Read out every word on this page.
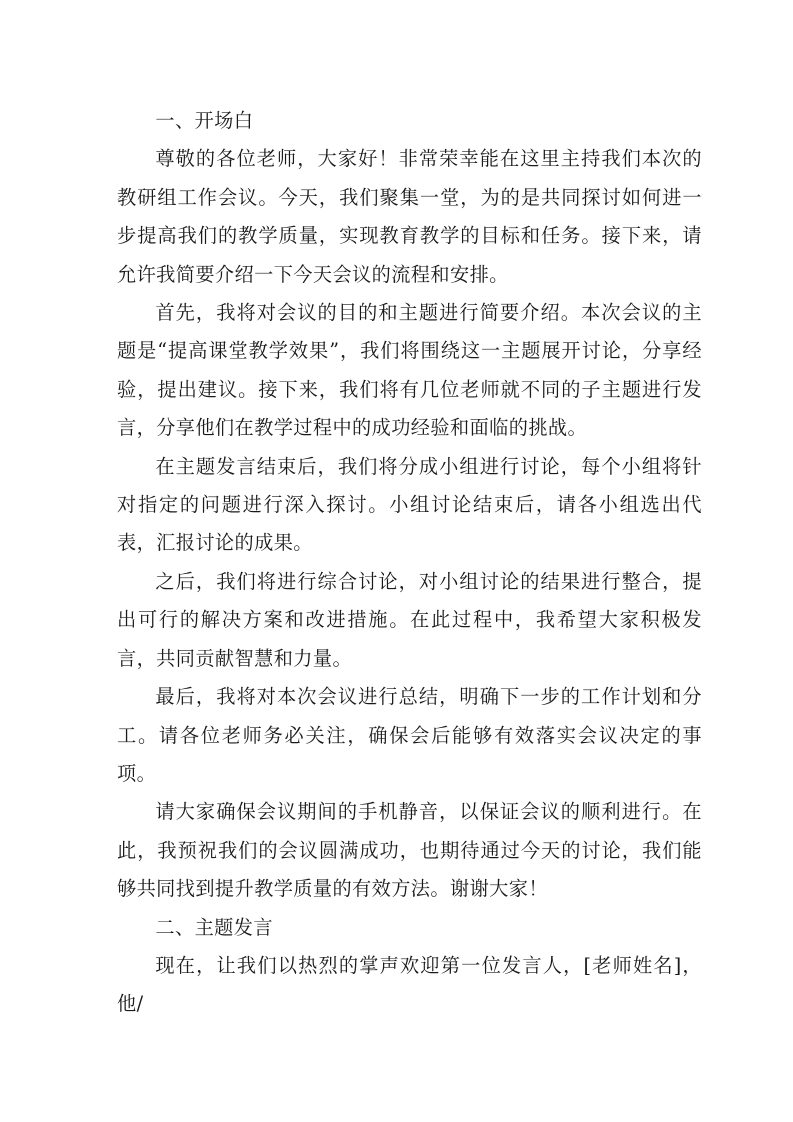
一、开场白

尊敬的各位老师，大家好！非常荣幸能在这里主持我们本次的教研组工作会议。今天，我们聚集一堂，为的是共同探讨如何进一步提高我们的教学质量，实现教育教学的目标和任务。接下来，请允许我简要介绍一下今天会议的流程和安排。

首先，我将对会议的目的和主题进行简要介绍。本次会议的主题是“提高课堂教学效果”，我们将围绕这一主题展开讨论，分享经验，提出建议。接下来，我们将有几位老师就不同的子主题进行发言，分享他们在教学过程中的成功经验和面临的挑战。

在主题发言结束后，我们将分成小组进行讨论，每个小组将针对指定的问题进行深入探讨。小组讨论结束后，请各小组选出代表，汇报讨论的成果。

之后，我们将进行综合讨论，对小组讨论的结果进行整合，提出可行的解决方案和改进措施。在此过程中，我希望大家积极发言，共同贡献智慧和力量。

最后，我将对本次会议进行总结，明确下一步的工作计划和分工。请各位老师务必关注，确保会后能够有效落实会议决定的事项。

请大家确保会议期间的手机静音，以保证会议的顺利进行。在此，我预祝我们的会议圆满成功，也期待通过今天的讨论，我们能够共同找到提升教学质量的有效方法。谢谢大家！

二、主题发言

现在，让我们以热烈的掌声欢迎第一位发言人，[老师姓名]，他/
